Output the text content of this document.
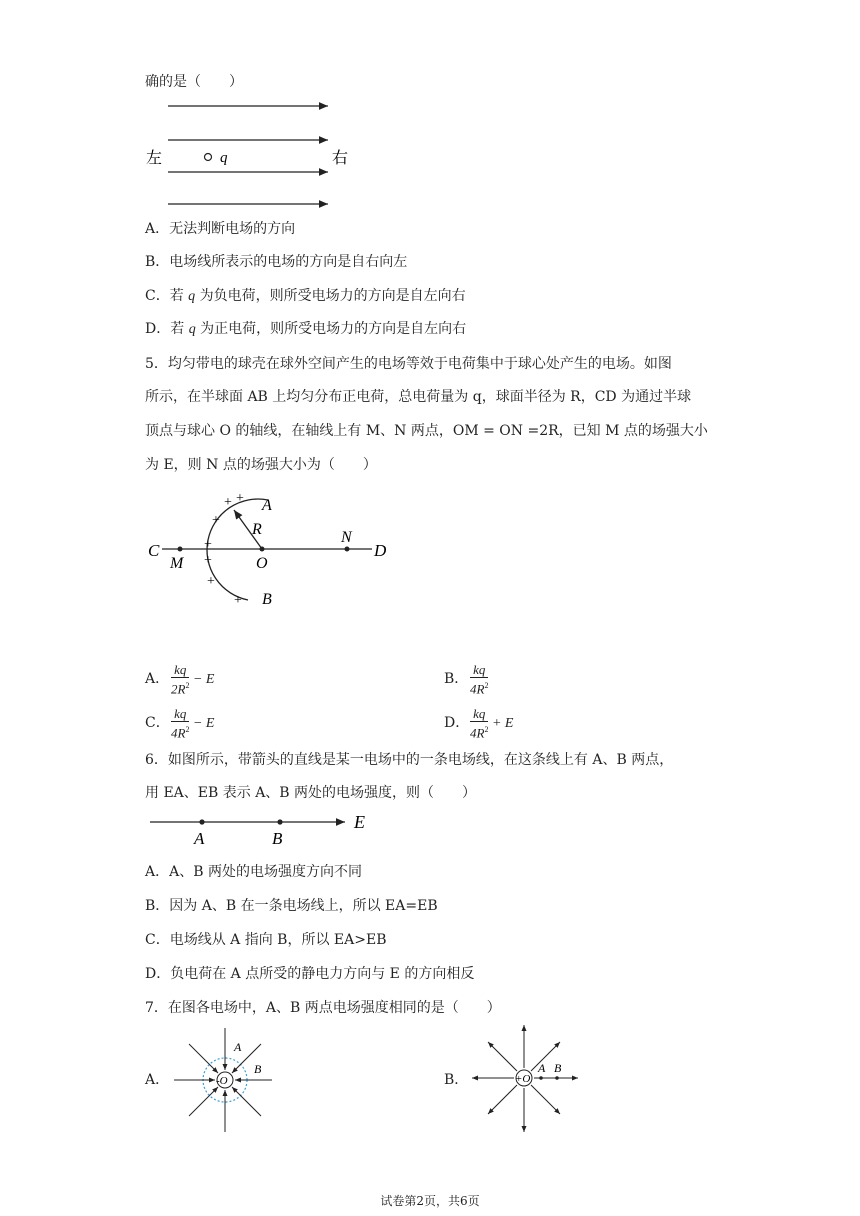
确的是（　　）
左	q	右
A．无法判断电场的方向
B．电场线所表示的电场的方向是自右向左
C．若 q 为负电荷，则所受电场力的方向是自左向右
D．若 q 为正电荷，则所受电场力的方向是自左向右
5．均匀带电的球壳在球外空间产生的电场等效于电荷集中于球心处产生的电场。如图
所示，在半球面 AB 上均匀分布正电荷，总电荷量为 q，球面半径为 R，CD 为通过半球
顶点与球心 O 的轴线，在轴线上有 M、N 两点，OM = ON =2R，已知 M 点的场强大小
为 E，则 N 点的场强大小为（　　）
C	D
M	O
N
R
A
B
+ +
+
+
+
+
+
A． $\frac{kq}{2R^2} - E$	B． $\frac{kq}{4R^2}$
C． $\frac{kq}{4R^2} - E$	D． $\frac{kq}{4R^2} + E$
6．如图所示，带箭头的直线是某一电场中的一条电场线，在这条线上有 A、B 两点，
用 EA、EB 表示 A、B 两处的电场强度，则（　　）
A	B
E
A．A、B 两处的电场强度方向不同
B．因为 A、B 在一条电场线上，所以 EA=EB
C．电场线从 A 指向 B，所以 EA>EB
D．负电荷在 A 点所受的静电力方向与 E 的方向相反
7．在图各电场中，A、B 两点电场强度相同的是（　　）
A．	-O
A
B
B．	+O
A B
试卷第2页，共6页
